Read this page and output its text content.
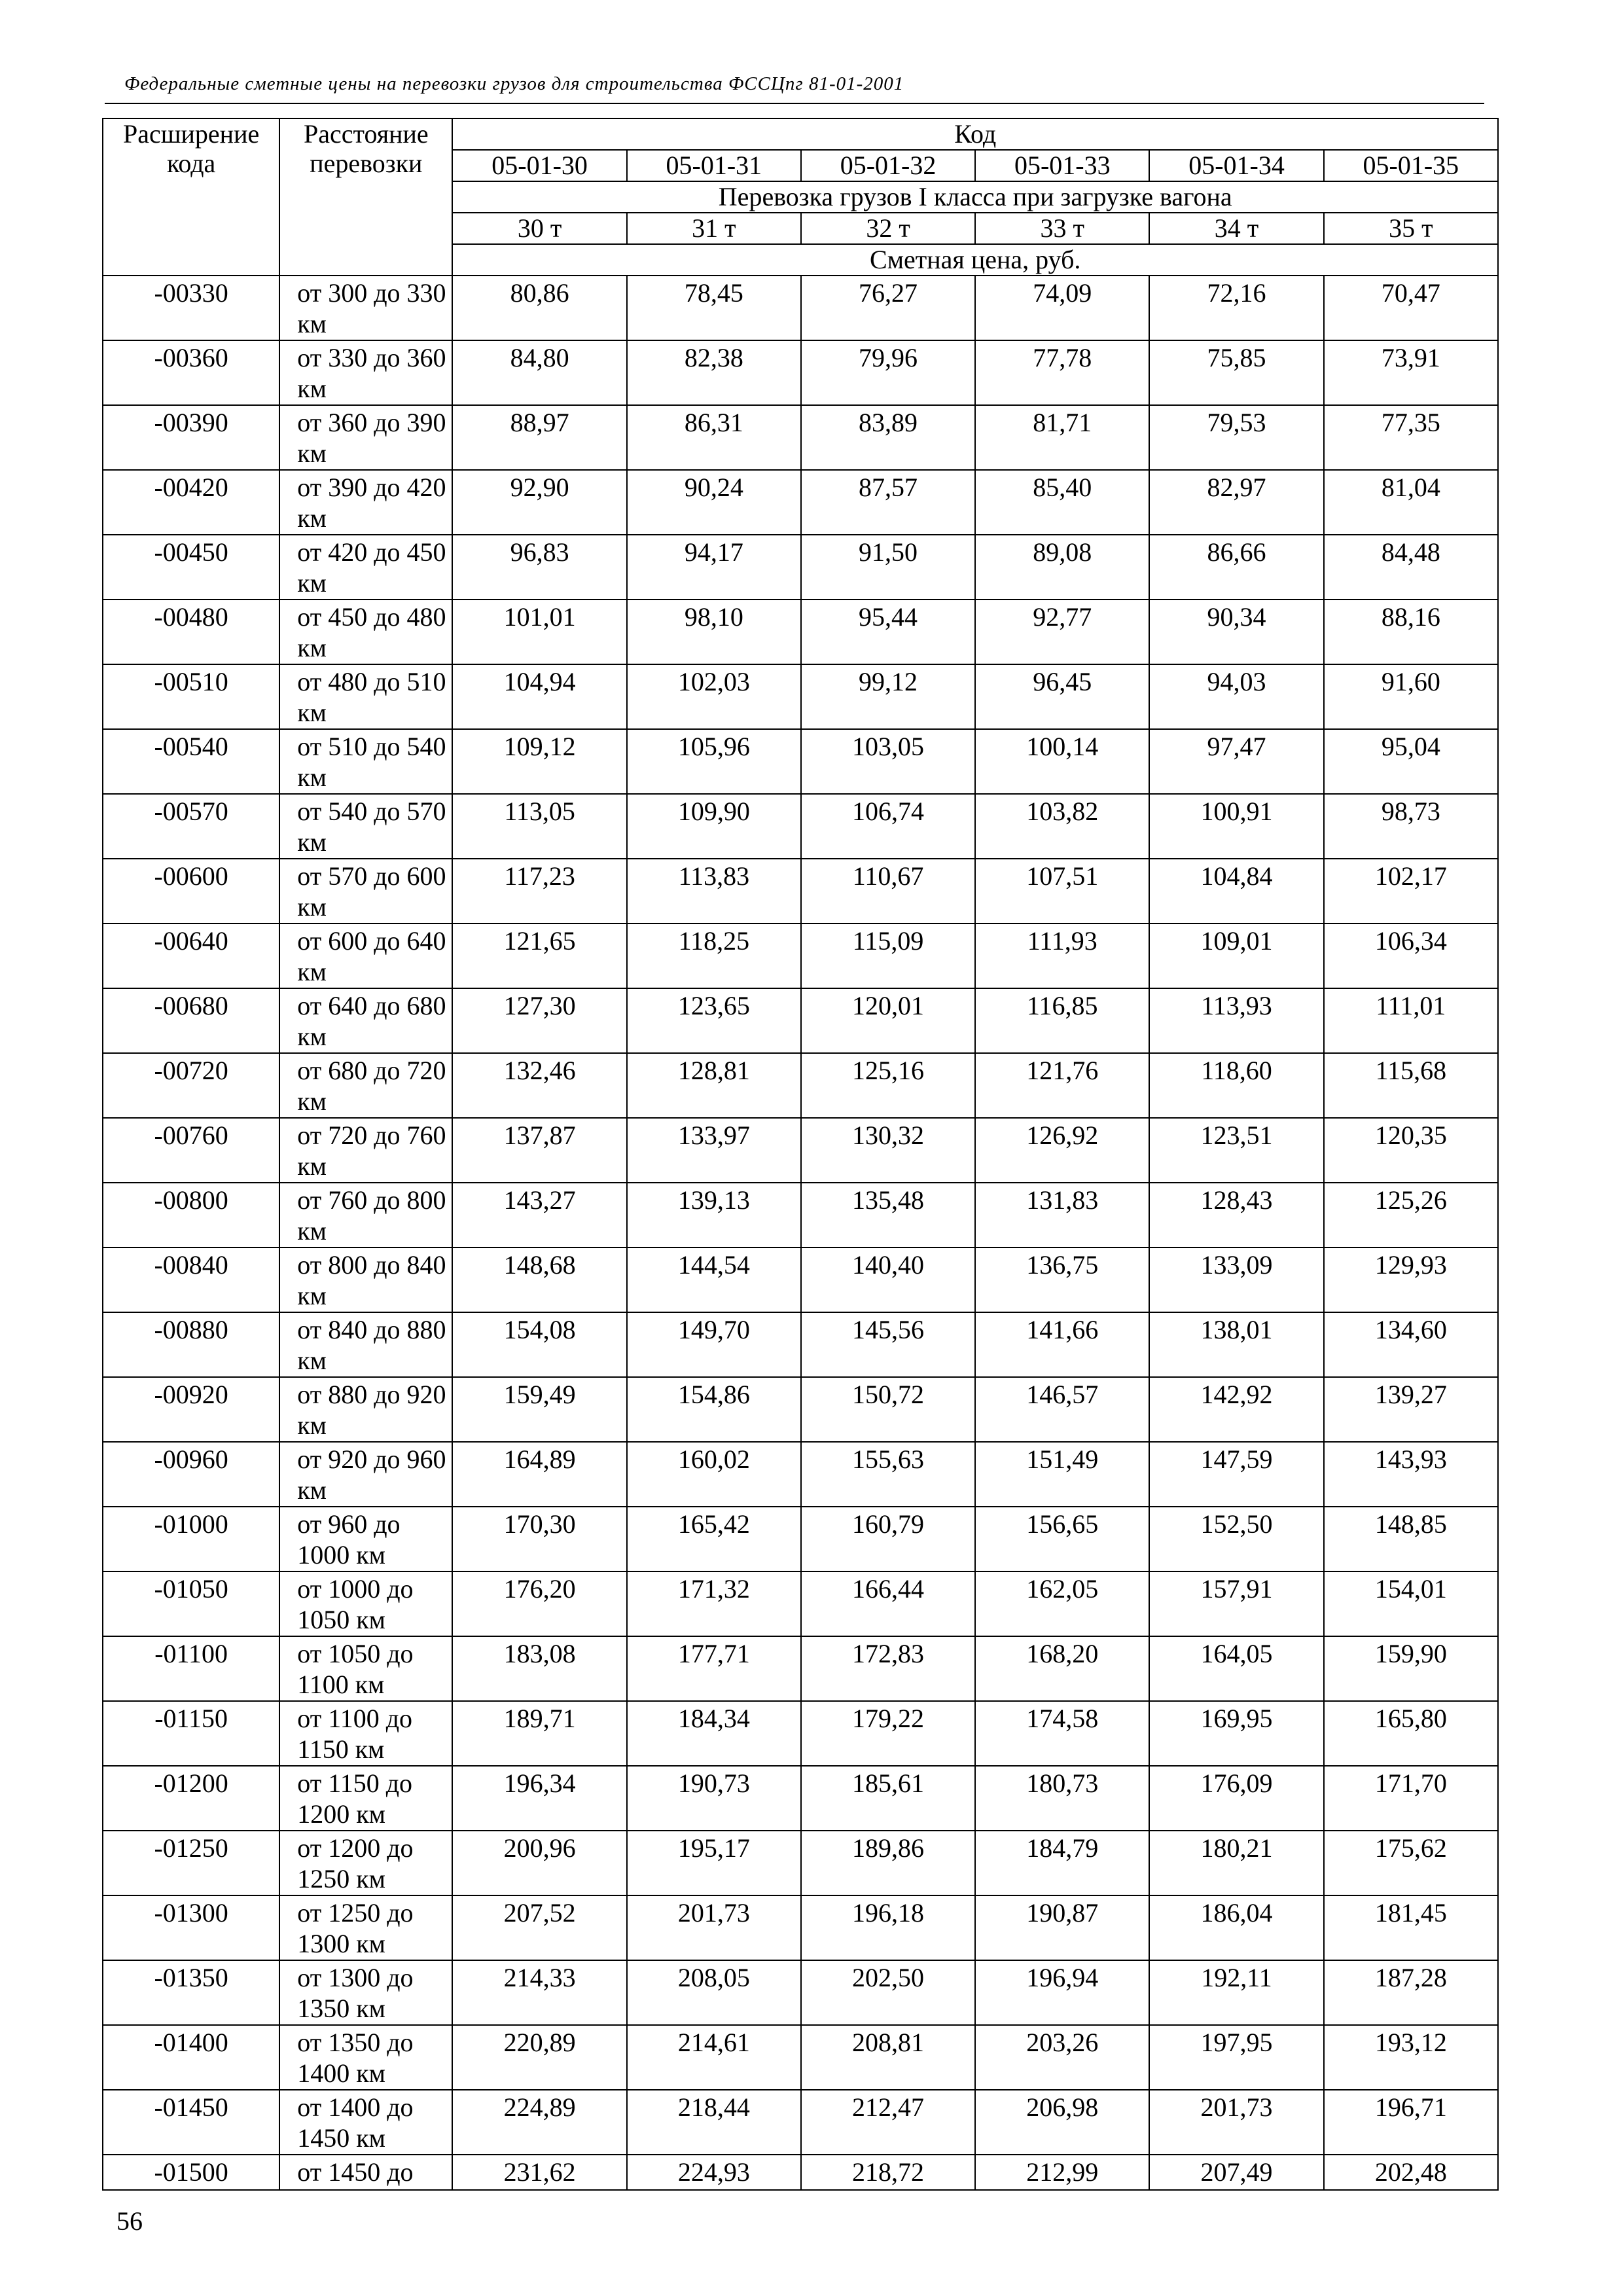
Федеральные сметные цены на перевозки грузов для строительства ФССЦпг 81-01-2001
Расширение кода	Расстояние перевозки	Код					
		05-01-30	05-01-31	05-01-32	05-01-33	05-01-34	05-01-35
		Перевозка грузов I класса при загрузке вагона					
		30 т	31 т	32 т	33 т	34 т	35 т
		Сметная цена, руб.					
-00330	от 300 до 330 км	80,86	78,45	76,27	74,09	72,16	70,47
-00360	от 330 до 360 км	84,80	82,38	79,96	77,78	75,85	73,91
-00390	от 360 до 390 км	88,97	86,31	83,89	81,71	79,53	77,35
-00420	от 390 до 420 км	92,90	90,24	87,57	85,40	82,97	81,04
-00450	от 420 до 450 км	96,83	94,17	91,50	89,08	86,66	84,48
-00480	от 450 до 480 км	101,01	98,10	95,44	92,77	90,34	88,16
-00510	от 480 до 510 км	104,94	102,03	99,12	96,45	94,03	91,60
-00540	от 510 до 540 км	109,12	105,96	103,05	100,14	97,47	95,04
-00570	от 540 до 570 км	113,05	109,90	106,74	103,82	100,91	98,73
-00600	от 570 до 600 км	117,23	113,83	110,67	107,51	104,84	102,17
-00640	от 600 до 640 км	121,65	118,25	115,09	111,93	109,01	106,34
-00680	от 640 до 680 км	127,30	123,65	120,01	116,85	113,93	111,01
-00720	от 680 до 720 км	132,46	128,81	125,16	121,76	118,60	115,68
-00760	от 720 до 760 км	137,87	133,97	130,32	126,92	123,51	120,35
-00800	от 760 до 800 км	143,27	139,13	135,48	131,83	128,43	125,26
-00840	от 800 до 840 км	148,68	144,54	140,40	136,75	133,09	129,93
-00880	от 840 до 880 км	154,08	149,70	145,56	141,66	138,01	134,60
-00920	от 880 до 920 км	159,49	154,86	150,72	146,57	142,92	139,27
-00960	от 920 до 960 км	164,89	160,02	155,63	151,49	147,59	143,93
-01000	от 960 до 1000 км	170,30	165,42	160,79	156,65	152,50	148,85
-01050	от 1000 до 1050 км	176,20	171,32	166,44	162,05	157,91	154,01
-01100	от 1050 до 1100 км	183,08	177,71	172,83	168,20	164,05	159,90
-01150	от 1100 до 1150 км	189,71	184,34	179,22	174,58	169,95	165,80
-01200	от 1150 до 1200 км	196,34	190,73	185,61	180,73	176,09	171,70
-01250	от 1200 до 1250 км	200,96	195,17	189,86	184,79	180,21	175,62
-01300	от 1250 до 1300 км	207,52	201,73	196,18	190,87	186,04	181,45
-01350	от 1300 до 1350 км	214,33	208,05	202,50	196,94	192,11	187,28
-01400	от 1350 до 1400 км	220,89	214,61	208,81	203,26	197,95	193,12
-01450	от 1400 до 1450 км	224,89	218,44	212,47	206,98	201,73	196,71
-01500	от 1450 до	231,62	224,93	218,72	212,99	207,49	202,48
56
